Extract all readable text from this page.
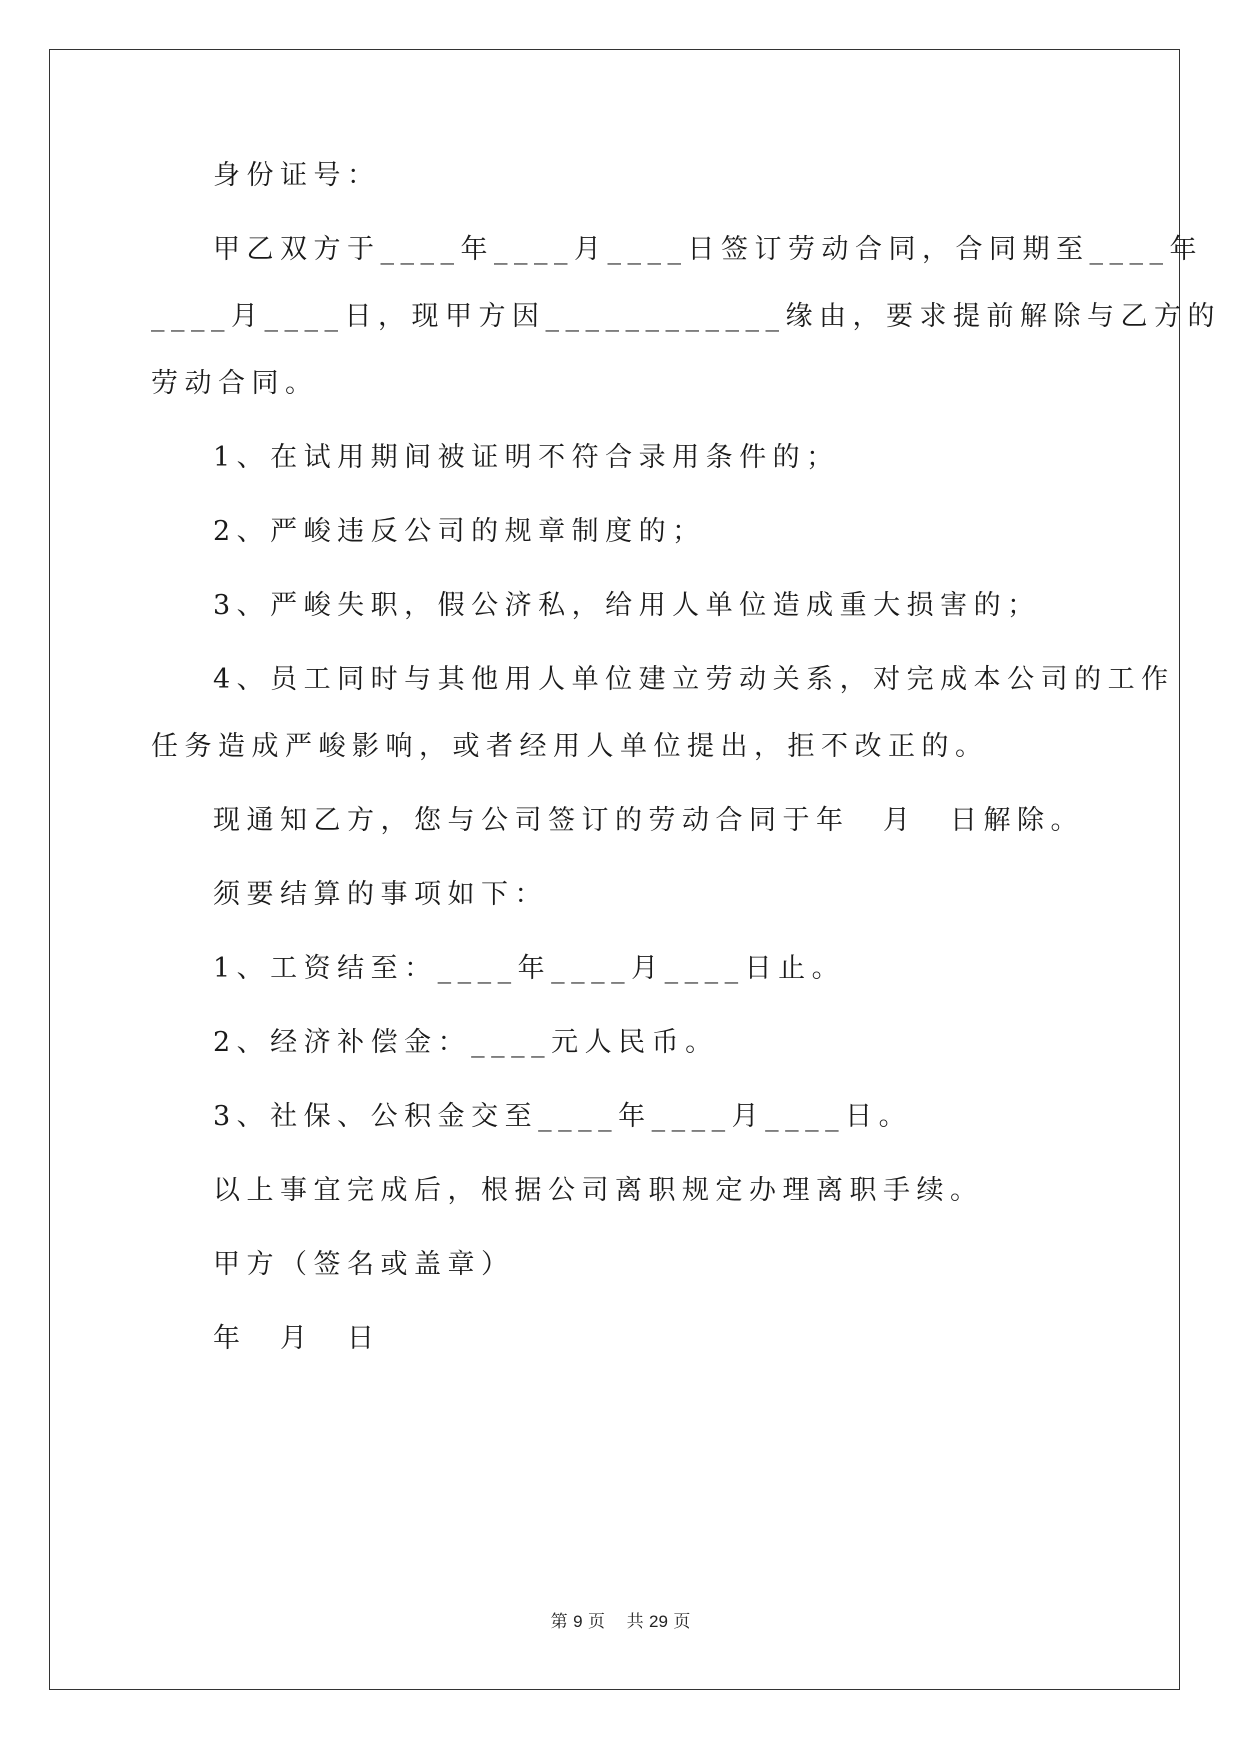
身份证号：

甲乙双方于____年____月____日签订劳动合同，合同期至____年

____月____日，现甲方因____________缘由，要求提前解除与乙方的

劳动合同。

1、在试用期间被证明不符合录用条件的；

2、严峻违反公司的规章制度的；

3、严峻失职，假公济私，给用人单位造成重大损害的；

4、员工同时与其他用人单位建立劳动关系，对完成本公司的工作

任务造成严峻影响，或者经用人单位提出，拒不改正的。

现通知乙方，您与公司签订的劳动合同于年　月　日解除。

须要结算的事项如下：

1、工资结至：____年____月____日止。

2、经济补偿金：____元人民币。

3、社保、公积金交至____年____月____日。

以上事宜完成后，根据公司离职规定办理离职手续。

甲方（签名或盖章）

年　月　日

第 9 页 共 29 页
